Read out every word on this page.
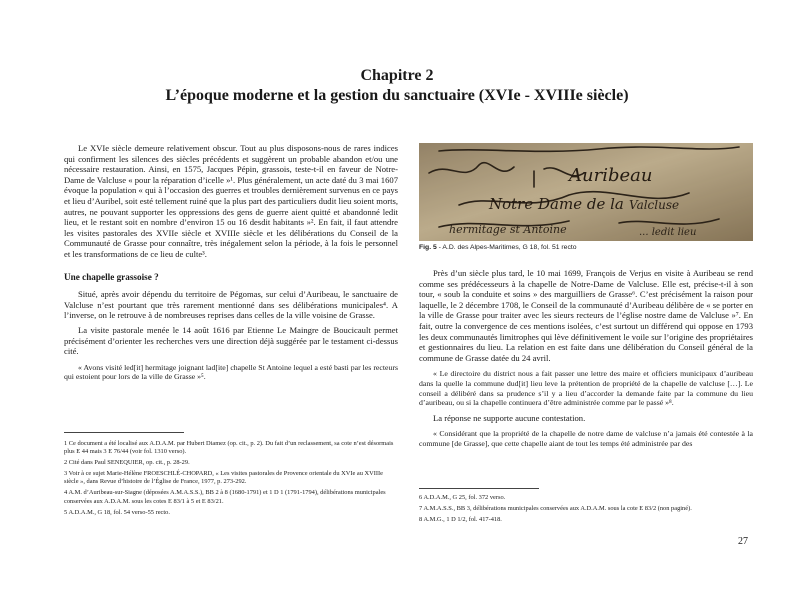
Chapitre 2
L’époque moderne et la gestion du sanctuaire (XVIe - XVIIIe siècle)

Le XVIe siècle demeure relativement obscur. Tout au plus disposons-nous de rares indices qui confirment les silences des siècles précédents et suggèrent un probable abandon et/ou une nécessaire restauration. Ainsi, en 1575, Jacques Pépin, grassois, teste-t-il en faveur de Notre-Dame de Valcluse « pour la réparation d’icelle »¹. Plus généralement, un acte daté du 3 mai 1607 évoque la population « qui à l’occasion des guerres et troubles dernièrement survenus en ce pays et lieu d’Auribel, soit esté tellement ruiné que la plus part des particuliers dudit lieu soient morts, autres, ne pouvant supporter les oppressions des gens de guerre aient quitté et abandonné ledit lieu, et le restant soit en nombre d’environ 15 ou 16 desdit habitants »². En fait, il faut attendre les visites pastorales des XVIIe siècle et XVIIIe siècle et les délibérations du Conseil de la Communauté de Grasse pour connaître, très inégalement selon la période, à la fois le personnel et les transformations de ce lieu de culte³.

Une chapelle grassoise ?

Situé, après avoir dépendu du territoire de Pégomas, sur celui d’Auribeau, le sanctuaire de Valcluse n’est pourtant que très rarement mentionné dans ses délibérations municipales⁴. A l’inverse, on le retrouve à de nombreuses reprises dans celles de la ville voisine de Grasse.

La visite pastorale menée le 14 août 1616 par Etienne Le Maingre de Boucicault permet précisément d’orienter les recherches vers une direction déjà suggérée par le testament ci-dessus cité.

« Avons visité led[it] hermitage joignant lad[ite] chapelle St Antoine lequel a esté basti par les recteurs qui estoient pour lors de la ville de Grasse »⁵.

1 Ce document a été localisé aux A.D.A.M. par Hubert Diamez (op. cit., p. 2). Du fait d’un reclassement, sa cote n’est désormais plus E 44 mais 3 E 76/44 (voir fol. 1310 verso).

2 Cité dans Paul SENEQUIER, op. cit., p. 28-29.

3 Voir à ce sujet Marie-Hélène FROESCHLÉ-CHOPARD, « Les visites pastorales de Provence orientale du XVIe au XVIIIe siècle », dans Revue d’histoire de l’Église de France, 1977, p. 273-292.

4 A.M. d’Auribeau-sur-Siagne (déposées A.M.A.S.S.), BB 2 à 8 (1680-1791) et 1 D 1 (1791-1794), délibérations municipales conservées aux A.D.A.M. sous les cotes E 83/1 à 5 et E 83/21.

5 A.D.A.M., G 18, fol. 54 verso-55 recto.

Auribeau
Notre Dame de la Valcluse
hermitage st Antoine	... ledit lieu
Fig. 5 - A.D. des Alpes-Maritimes, G 18, fol. 51 recto

Près d’un siècle plus tard, le 10 mai 1699, François de Verjus en visite à Auribeau se rend comme ses prédécesseurs à la chapelle de Notre-Dame de Valcluse. Elle est, précise-t-il à son tour, « soub la conduite et soins » des marguilliers de Grasse⁶. C’est précisément la raison pour laquelle, le 2 décembre 1708, le Conseil de la communauté d’Auribeau délibère de « se porter en la ville de Grasse pour traiter avec les sieurs recteurs de l’église nostre dame de Valcluse »⁷. En fait, outre la convergence de ces mentions isolées, c’est surtout un différend qui oppose en 1793 les deux communautés limitrophes qui lève définitivement le voile sur l’origine des propriétaires et gestionnaires du lieu. La relation en est faite dans une délibération du Conseil général de la commune de Grasse datée du 24 avril.

« Le directoire du district nous a fait passer une lettre des maire et officiers municipaux d’auribeau dans la quelle la commune dud[it] lieu leve la prétention de propriété de la chapelle de valcluse […]. Le conseil a délibéré dans sa prudence s’il y a lieu d’accorder la demande faite par la commune du lieu d’auribeau, ou si la chapelle continuera d’être administrée comme par le passé »⁸.

La réponse ne supporte aucune contestation.

« Considérant que la propriété de la chapelle de notre dame de valcluse n’a jamais été contestée à la commune [de Grasse], que cette chapelle aiant de tout les temps été administrée par des

6 A.D.A.M., G 25, fol. 372 verso.

7 A.M.A.S.S., BB 3, délibérations municipales conservées aux A.D.A.M. sous la cote E 83/2 (non paginé).

8 A.M.G., 1 D 1/2, fol. 417-418.

27
